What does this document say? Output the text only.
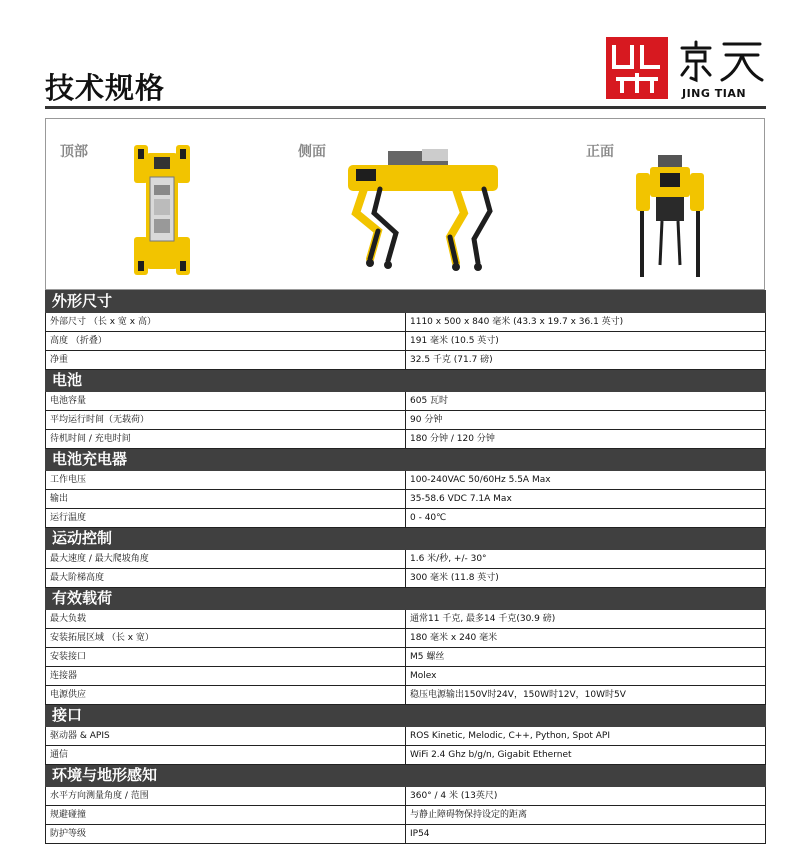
技术规格	JING TIAN
顶部	侧面	正面
外形尺寸	
外部尺寸 （长 x 宽 x 高）	1110 x 500 x 840 毫米 (43.3 x 19.7 x 36.1 英寸)
高度 （折叠）	191 毫米 (10.5 英寸)
净重	32.5 千克 (71.7 磅)
电池	
电池容量	605 瓦时
平均运行时间（无载荷）	90 分钟
待机时间 / 充电时间	180 分钟 / 120 分钟
电池充电器	
工作电压	100-240VAC 50/60Hz 5.5A Max
输出	35-58.6 VDC 7.1A Max
运行温度	0 - 40℃
运动控制	
最大速度 / 最大爬坡角度	1.6 米/秒, +/- 30°
最大阶梯高度	300 毫米 (11.8 英寸)
有效载荷	
最大负载	通常11 千克, 最多14 千克(30.9 磅)
安装拓展区域 （长 x 宽）	180 毫米 x 240 毫米
安装接口	M5 螺丝
连接器	Molex
电源供应	稳压电源输出150V时24V，150W时12V，10W时5V
接口	
驱动器 & APIS	ROS Kinetic, Melodic, C++, Python, Spot API
通信	WiFi 2.4 Ghz b/g/n, Gigabit Ethernet
环境与地形感知	
水平方向测量角度 / 范围	360° / 4 米 (13英尺)
规避碰撞	与静止障碍物保持设定的距离
防护等级	IP54
